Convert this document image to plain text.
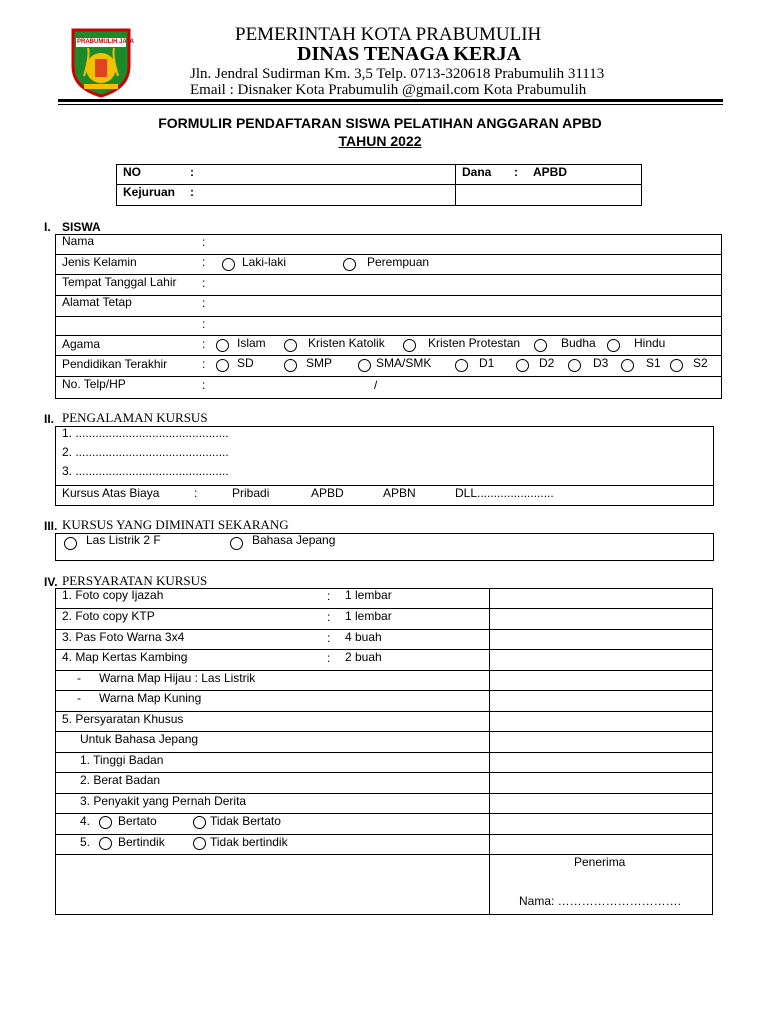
PRABUMULIH JAYA	PEMERINTAH KOTA PRABUMULIH
DINAS TENAGA KERJA
Jln. Jendral Sudirman Km. 3,5 Telp. 0713-320618 Prabumulih 31113
Email : Disnaker Kota Prabumulih @gmail.com Kota Prabumulih
FORMULIR PENDAFTARAN SISWA PELATIHAN ANGGARAN APBD
TAHUN 2022
NO	:	Dana : APBD
Kejuruan :
I. SISWA
Nama	:
Jenis Kelamin	:	Laki-laki	Perempuan
Tempat Tanggal Lahir :
Alamat Tetap	:
:
Agama	:	Islam	Kristen Katolik	Kristen Protestan	Budha	Hindu
Pendidikan Terakhir	:	SD	SMP	SMA/SMK	D1	D2	D3	S1	S2
No. Telp/HP	:	/
II. PENGALAMAN KURSUS
1. ..............................................
2. ..............................................
3. ..............................................
Kursus Atas Biaya	:	Pribadi	APBD	APBN	DLL.......................
III. KURSUS YANG DIMINATI SEKARANG
Las Listrik 2 F	Bahasa Jepang
IV. PERSYARATAN KURSUS
1. Foto copy Ijazah	: 1 lembar
2. Foto copy KTP	: 1 lembar
3. Pas Foto Warna 3x4	: 4 buah
4. Map Kertas Kambing	: 2 buah
- Warna Map Hijau : Las Listrik
- Warna Map Kuning
5. Persyaratan Khusus
Untuk Bahasa Jepang
1. Tinggi Badan
2. Berat Badan
3. Penyakit yang Pernah Derita
4. Bertato	Tidak Bertato
5. Bertindik	Tidak bertindik
Penerima
Nama: ………………………….
